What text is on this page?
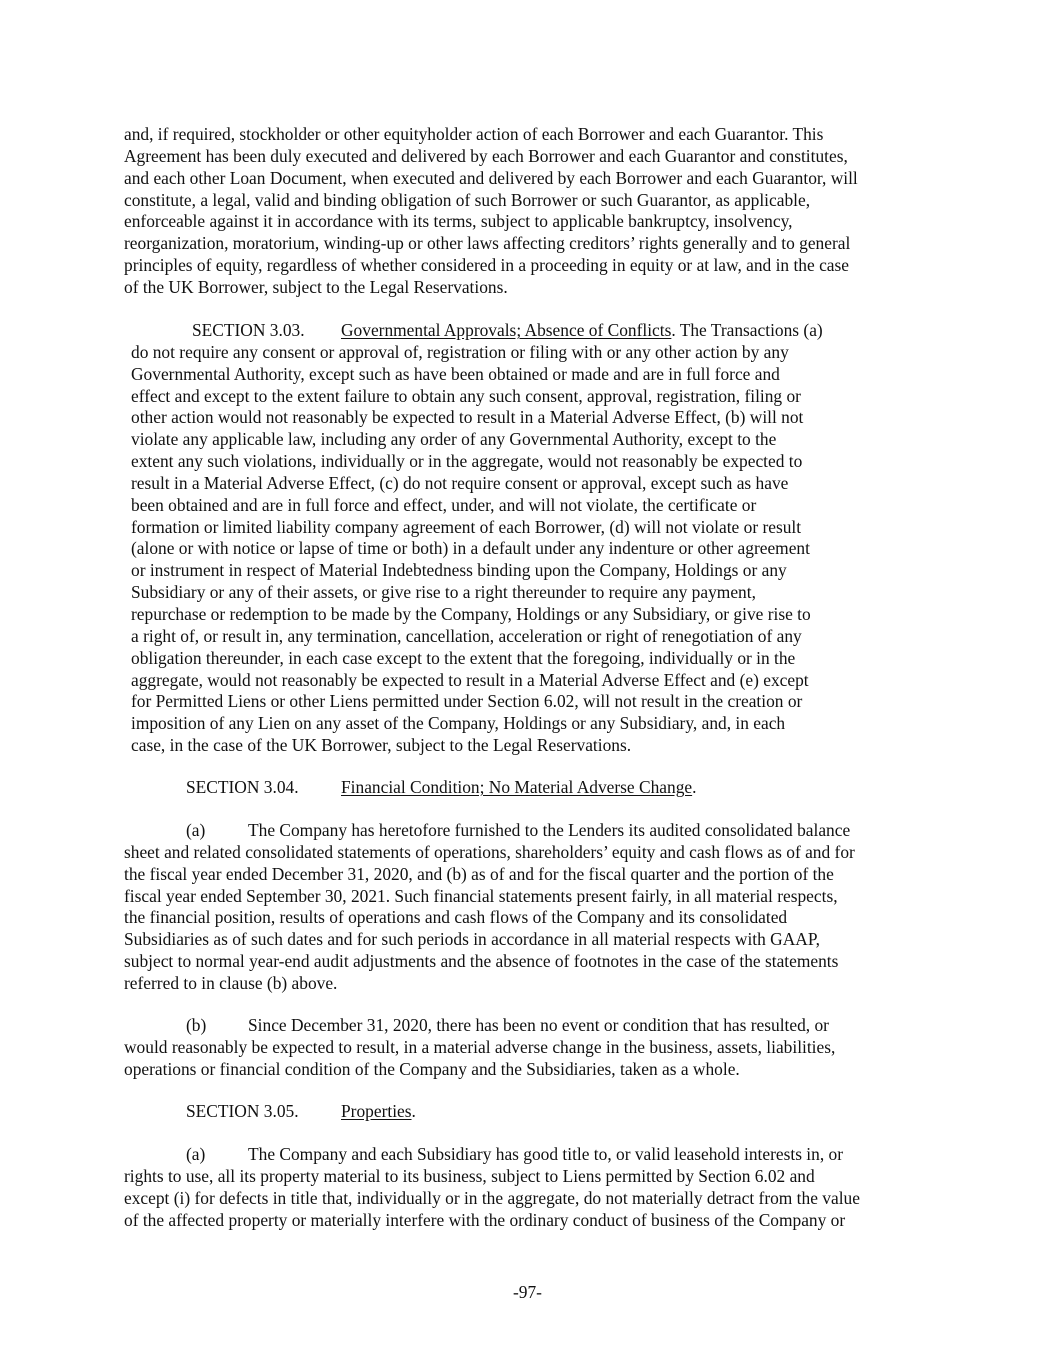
and, if required, stockholder or other equityholder action of each Borrower and each Guarantor. This
Agreement has been duly executed and delivered by each Borrower and each Guarantor and constitutes,
and each other Loan Document, when executed and delivered by each Borrower and each Guarantor, will
constitute, a legal, valid and binding obligation of such Borrower or such Guarantor, as applicable,
enforceable against it in accordance with its terms, subject to applicable bankruptcy, insolvency,
reorganization, moratorium, winding-up or other laws affecting creditors’ rights generally and to general
principles of equity, regardless of whether considered in a proceeding in equity or at law, and in the case
of the UK Borrower, subject to the Legal Reservations.
SECTION 3.03. Governmental Approvals; Absence of Conflicts. The Transactions (a)
do not require any consent or approval of, registration or filing with or any other action by any
Governmental Authority, except such as have been obtained or made and are in full force and
effect and except to the extent failure to obtain any such consent, approval, registration, filing or
other action would not reasonably be expected to result in a Material Adverse Effect, (b) will not
violate any applicable law, including any order of any Governmental Authority, except to the
extent any such violations, individually or in the aggregate, would not reasonably be expected to
result in a Material Adverse Effect, (c) do not require consent or approval, except such as have
been obtained and are in full force and effect, under, and will not violate, the certificate or
formation or limited liability company agreement of each Borrower, (d) will not violate or result
(alone or with notice or lapse of time or both) in a default under any indenture or other agreement
or instrument in respect of Material Indebtedness binding upon the Company, Holdings or any
Subsidiary or any of their assets, or give rise to a right thereunder to require any payment,
repurchase or redemption to be made by the Company, Holdings or any Subsidiary, or give rise to
a right of, or result in, any termination, cancellation, acceleration or right of renegotiation of any
obligation thereunder, in each case except to the extent that the foregoing, individually or in the
aggregate, would not reasonably be expected to result in a Material Adverse Effect and (e) except
for Permitted Liens or other Liens permitted under Section 6.02, will not result in the creation or
imposition of any Lien on any asset of the Company, Holdings or any Subsidiary, and, in each
case, in the case of the UK Borrower, subject to the Legal Reservations.
SECTION 3.04. Financial Condition; No Material Adverse Change.
(a) The Company has heretofore furnished to the Lenders its audited consolidated balance
sheet and related consolidated statements of operations, shareholders’ equity and cash flows as of and for
the fiscal year ended December 31, 2020, and (b) as of and for the fiscal quarter and the portion of the
fiscal year ended September 30, 2021. Such financial statements present fairly, in all material respects,
the financial position, results of operations and cash flows of the Company and its consolidated
Subsidiaries as of such dates and for such periods in accordance in all material respects with GAAP,
subject to normal year-end audit adjustments and the absence of footnotes in the case of the statements
referred to in clause (b) above.
(b) Since December 31, 2020, there has been no event or condition that has resulted, or
would reasonably be expected to result, in a material adverse change in the business, assets, liabilities,
operations or financial condition of the Company and the Subsidiaries, taken as a whole.
SECTION 3.05. Properties.
(a) The Company and each Subsidiary has good title to, or valid leasehold interests in, or
rights to use, all its property material to its business, subject to Liens permitted by Section 6.02 and
except (i) for defects in title that, individually or in the aggregate, do not materially detract from the value
of the affected property or materially interfere with the ordinary conduct of business of the Company or
-97-
